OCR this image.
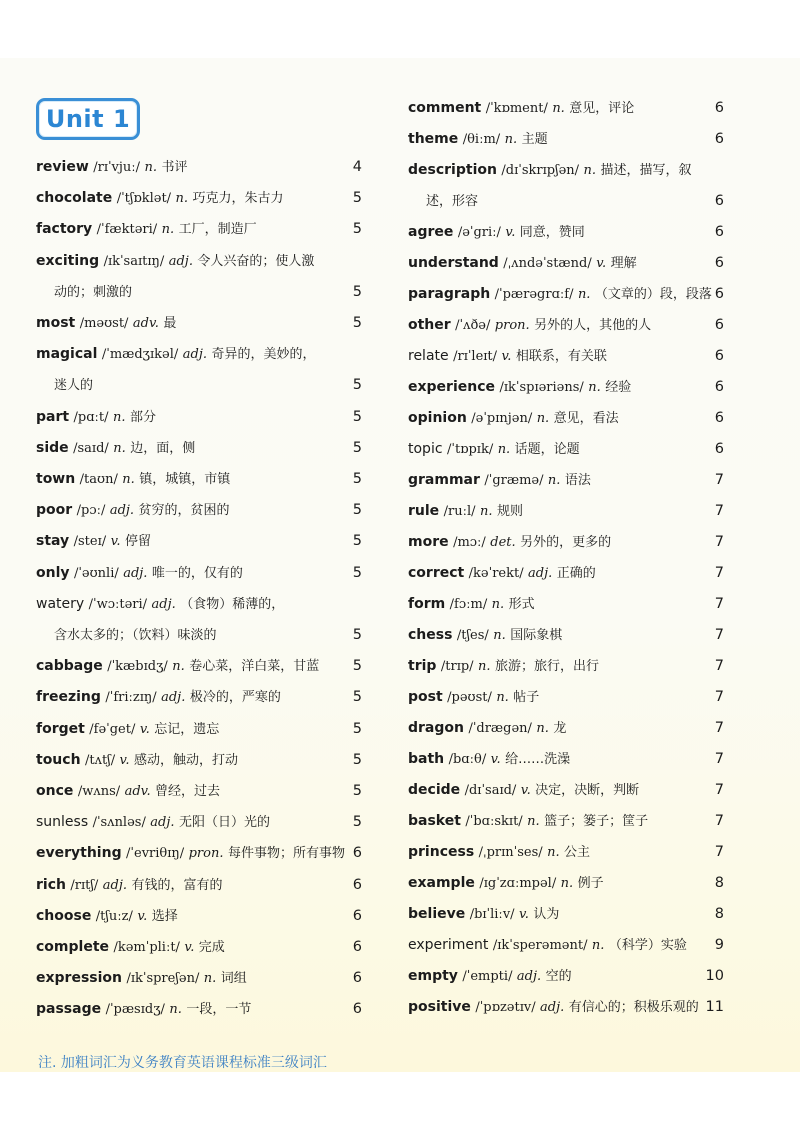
Unit 1
review /rɪˈvjuː/ n. 书评	4
chocolate /ˈtʃɒklət/ n. 巧克力，朱古力	5
factory /ˈfæktəri/ n. 工厂，制造厂	5
exciting /ɪkˈsaɪtɪŋ/ adj. 令人兴奋的；使人激
动的；刺激的	5
most /məʊst/ adv. 最	5
magical /ˈmædʒɪkəl/ adj. 奇异的，美妙的，
迷人的	5
part /pɑːt/ n. 部分	5
side /saɪd/ n. 边，面，侧	5
town /taʊn/ n. 镇，城镇，市镇	5
poor /pɔː/ adj. 贫穷的，贫困的	5
stay /steɪ/ v. 停留	5
only /ˈəʊnli/ adj. 唯一的，仅有的	5
watery /ˈwɔːtəri/ adj. （食物）稀薄的，
含水太多的；（饮料）味淡的	5
cabbage /ˈkæbɪdʒ/ n. 卷心菜，洋白菜，甘蓝 5
freezing /ˈfriːzɪŋ/ adj. 极冷的，严寒的	5
forget /fəˈget/ v. 忘记，遗忘	5
touch /tʌtʃ/ v. 感动，触动，打动	5
once /wʌns/ adv. 曾经，过去	5
sunless /ˈsʌnləs/ adj. 无阳（日）光的	5
everything /ˈevriθɪŋ/ pron. 每件事物；所有事物 6
rich /rɪtʃ/ adj. 有钱的，富有的	6
choose /tʃuːz/ v. 选择	6
complete /kəmˈpliːt/ v. 完成	6
expression /ɪkˈspreʃən/ n. 词组	6
passage /ˈpæsɪdʒ/ n. 一段，一节	6
comment /ˈkɒment/ n. 意见，评论	6
theme /θiːm/ n. 主题	6
description /dɪˈskrɪpʃən/ n. 描述，描写，叙
述，形容	6
agree /əˈgriː/ v. 同意，赞同	6
understand /ˌʌndəˈstænd/ v. 理解	6
paragraph /ˈpærəgrɑːf/ n. （文章的）段，段落 6
other /ˈʌðə/ pron. 另外的人，其他的人	6
relate /rɪˈleɪt/ v. 相联系，有关联	6
experience /ɪkˈspɪəriəns/ n. 经验	6
opinion /əˈpɪnjən/ n. 意见，看法	6
topic /ˈtɒpɪk/ n. 话题，论题	6
grammar /ˈgræmə/ n. 语法	7
rule /ruːl/ n. 规则	7
more /mɔː/ det. 另外的，更多的	7
correct /kəˈrekt/ adj. 正确的	7
form /fɔːm/ n. 形式	7
chess /tʃes/ n. 国际象棋	7
trip /trɪp/ n. 旅游；旅行，出行	7
post /pəʊst/ n. 帖子	7
dragon /ˈdrægən/ n. 龙	7
bath /bɑːθ/ v. 给……洗澡	7
decide /dɪˈsaɪd/ v. 决定，决断，判断	7
basket /ˈbɑːskɪt/ n. 篮子；篓子；筐子	7
princess /ˌprɪnˈses/ n. 公主	7
example /ɪgˈzɑːmpəl/ n. 例子	8
believe /bɪˈliːv/ v. 认为	8
experiment /ɪkˈsperəmənt/ n. （科学）实验 9
empty /ˈempti/ adj. 空的	10
positive /ˈpɒzətɪv/ adj. 有信心的；积极乐观的 11
注. 加粗词汇为义务教育英语课程标准三级词汇
